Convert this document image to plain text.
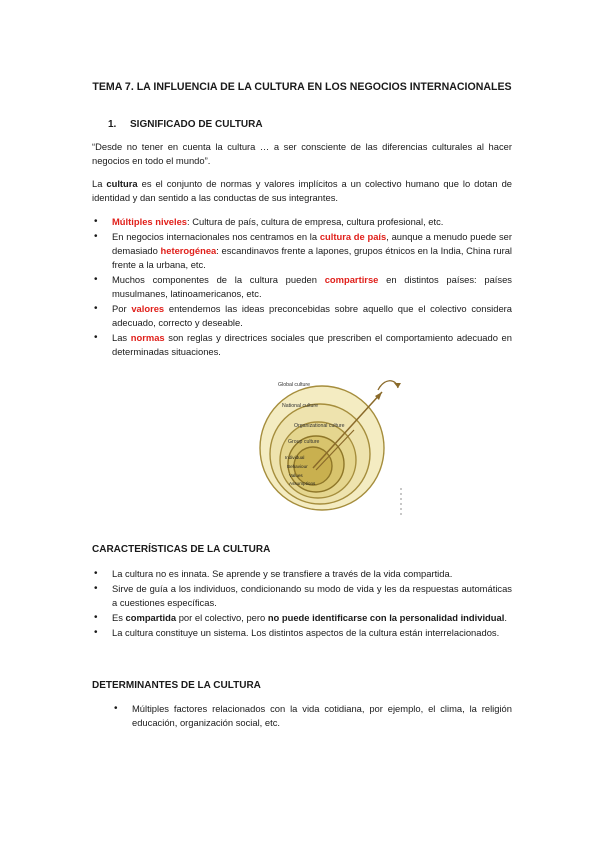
TEMA 7. LA INFLUENCIA DE LA CULTURA EN LOS NEGOCIOS INTERNACIONALES
1. SIGNIFICADO DE CULTURA
“Desde no tener en cuenta la cultura … a ser consciente de las diferencias culturales al hacer negocios en todo el mundo”.
La cultura es el conjunto de normas y valores implícitos a un colectivo humano que lo dotan de identidad y dan sentido a las conductas de sus integrantes.
• Múltiples niveles: Cultura de país, cultura de empresa, cultura profesional, etc.
• En negocios internacionales nos centramos en la cultura de país, aunque a menudo puede ser demasiado heterogénea: escandinavos frente a lapones, grupos étnicos en la India, China rural frente a la urbana, etc.
• Muchos componentes de la cultura pueden compartirse en distintos países: países musulmanes, latinoamericanos, etc.
• Por valores entendemos las ideas preconcebidas sobre aquello que el colectivo considera adecuado, correcto y deseable.
• Las normas son reglas y directrices sociales que prescriben el comportamiento adecuado en determinadas situaciones.
Global culture
National culture
Organizational culture
Group culture
Individual
Behaviour
Values
Assumptions
CARACTERÍSTICAS DE LA CULTURA
• La cultura no es innata. Se aprende y se transfiere a través de la vida compartida.
• Sirve de guía a los individuos, condicionando su modo de vida y les da respuestas automáticas a cuestiones específicas.
• Es compartida por el colectivo, pero no puede identificarse con la personalidad individual.
• La cultura constituye un sistema. Los distintos aspectos de la cultura están interrelacionados.
DETERMINANTES DE LA CULTURA
• Múltiples factores relacionados con la vida cotidiana, por ejemplo, el clima, la religión educación, organización social, etc.
